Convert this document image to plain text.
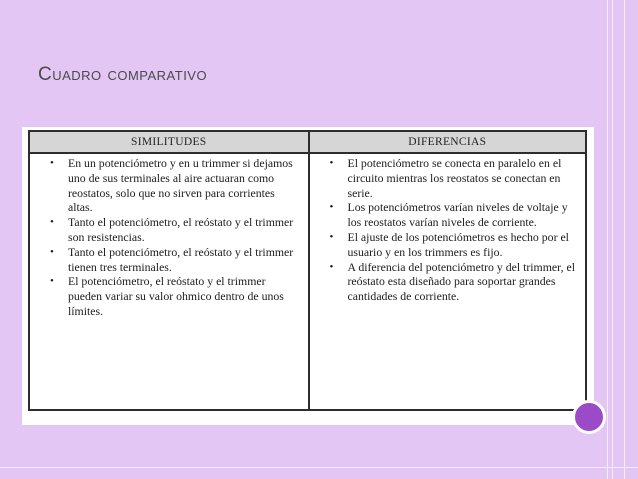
Cuadro comparativo
SIMILITUDES
• En un potenciómetro y en u trimmer si dejamos uno de sus terminales al aire actuaran como reostatos, solo que no sirven para corrientes altas.
• Tanto el potenciómetro, el reóstato y el trimmer son resistencias.
• Tanto el potenciómetro, el reóstato y el trimmer tienen tres terminales.
• El potenciómetro, el reóstato y el trimmer pueden variar su valor ohmico dentro de unos límites.
DIFERENCIAS
• El potenciómetro se conecta en paralelo en el circuito mientras los reostatos se conectan en serie.
• Los potenciómetros varían niveles de voltaje y los reostatos varían niveles de corriente.
• El ajuste de los potenciómetros es hecho por el usuario y en los trimmers es fijo.
• A diferencia del potenciómetro y del trimmer, el reóstato esta diseñado para soportar grandes cantidades de corriente.
